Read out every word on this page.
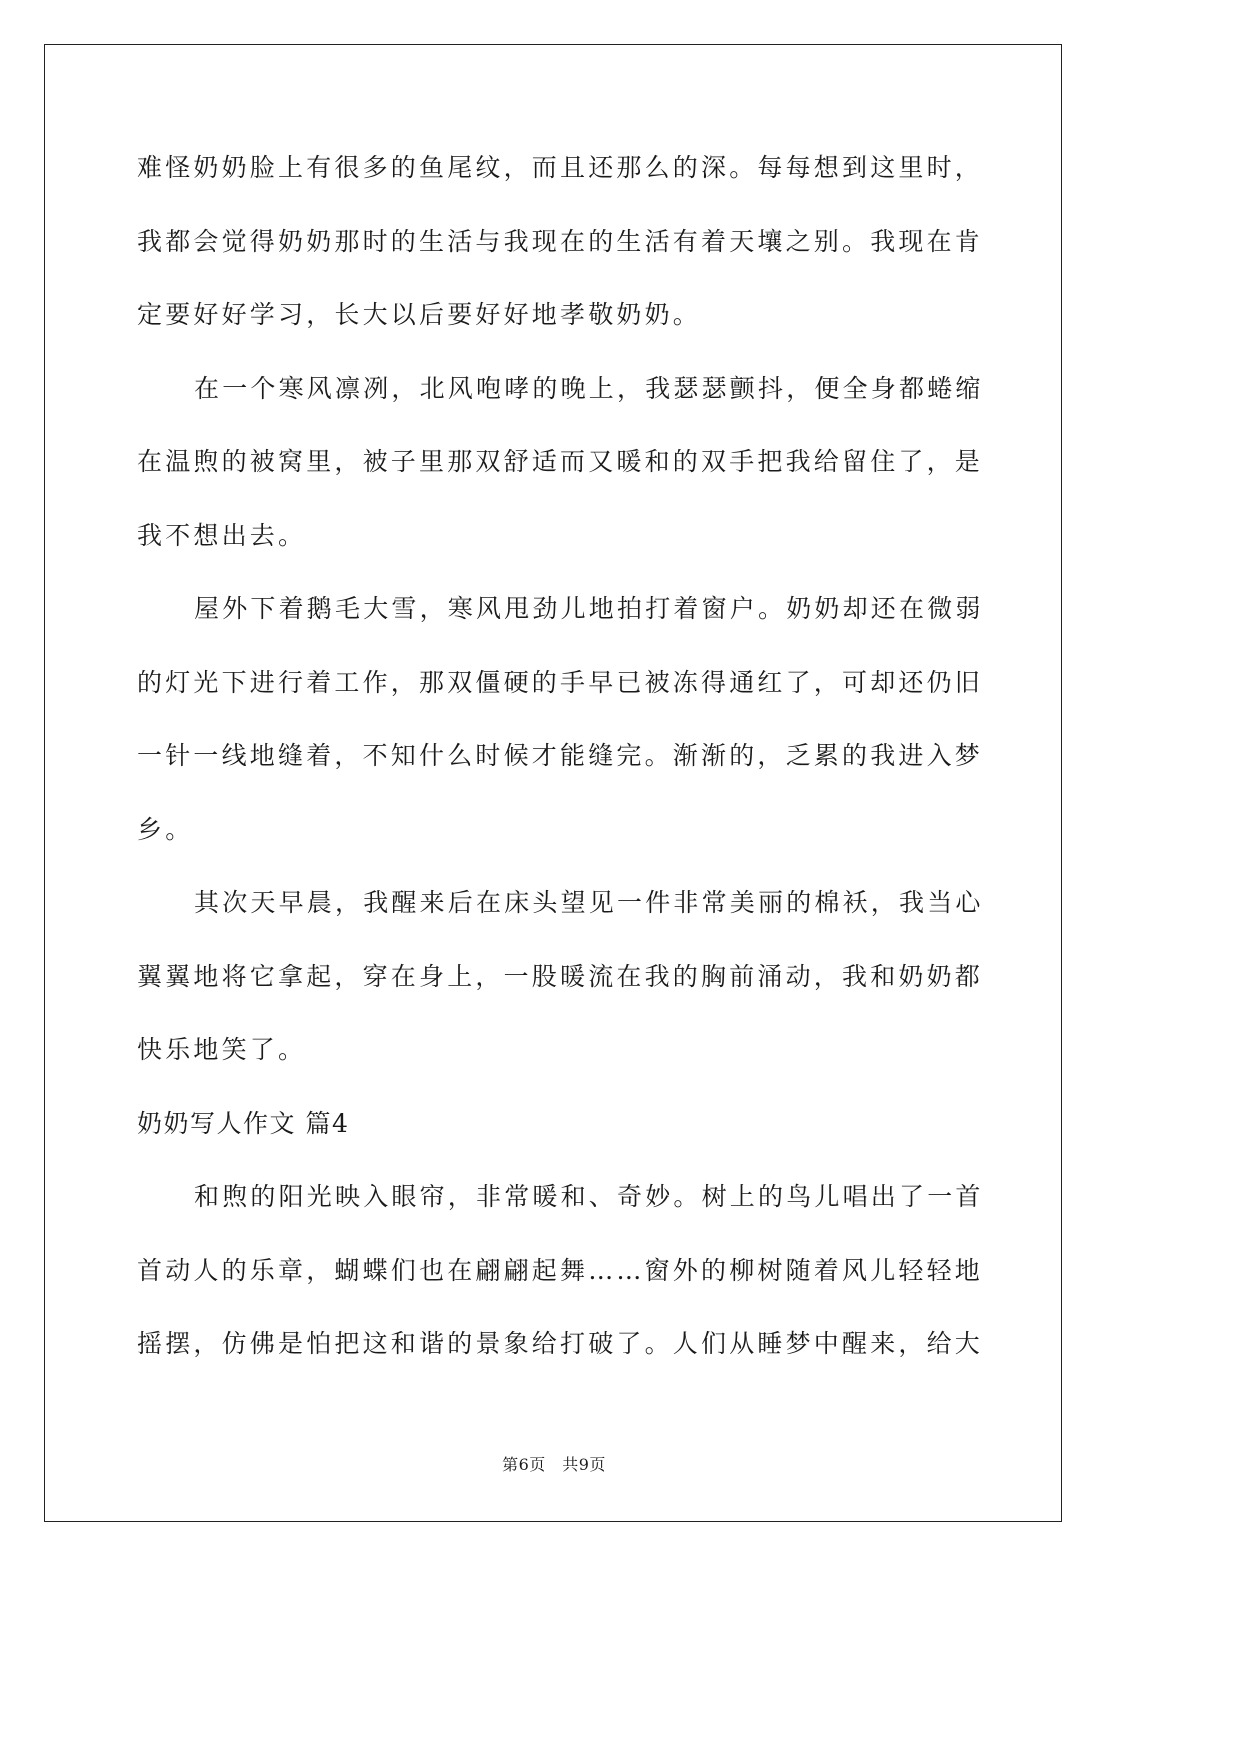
难怪奶奶脸上有很多的鱼尾纹，而且还那么的深。每每想到这里时，
我都会觉得奶奶那时的生活与我现在的生活有着天壤之别。我现在肯
定要好好学习，长大以后要好好地孝敬奶奶。
在一个寒风凛冽，北风咆哮的晚上，我瑟瑟颤抖，便全身都蜷缩
在温煦的被窝里，被子里那双舒适而又暖和的双手把我给留住了，是
我不想出去。
屋外下着鹅毛大雪，寒风甩劲儿地拍打着窗户。奶奶却还在微弱
的灯光下进行着工作，那双僵硬的手早已被冻得通红了，可却还仍旧
一针一线地缝着，不知什么时候才能缝完。渐渐的，乏累的我进入梦
乡。
其次天早晨，我醒来后在床头望见一件非常美丽的棉袄，我当心
翼翼地将它拿起，穿在身上，一股暖流在我的胸前涌动，我和奶奶都
快乐地笑了。
奶奶写人作文 篇4
和煦的阳光映入眼帘，非常暖和、奇妙。树上的鸟儿唱出了一首
首动人的乐章，蝴蝶们也在翩翩起舞……窗外的柳树随着风儿轻轻地
摇摆，仿佛是怕把这和谐的景象给打破了。人们从睡梦中醒来，给大
第6页　共9页
